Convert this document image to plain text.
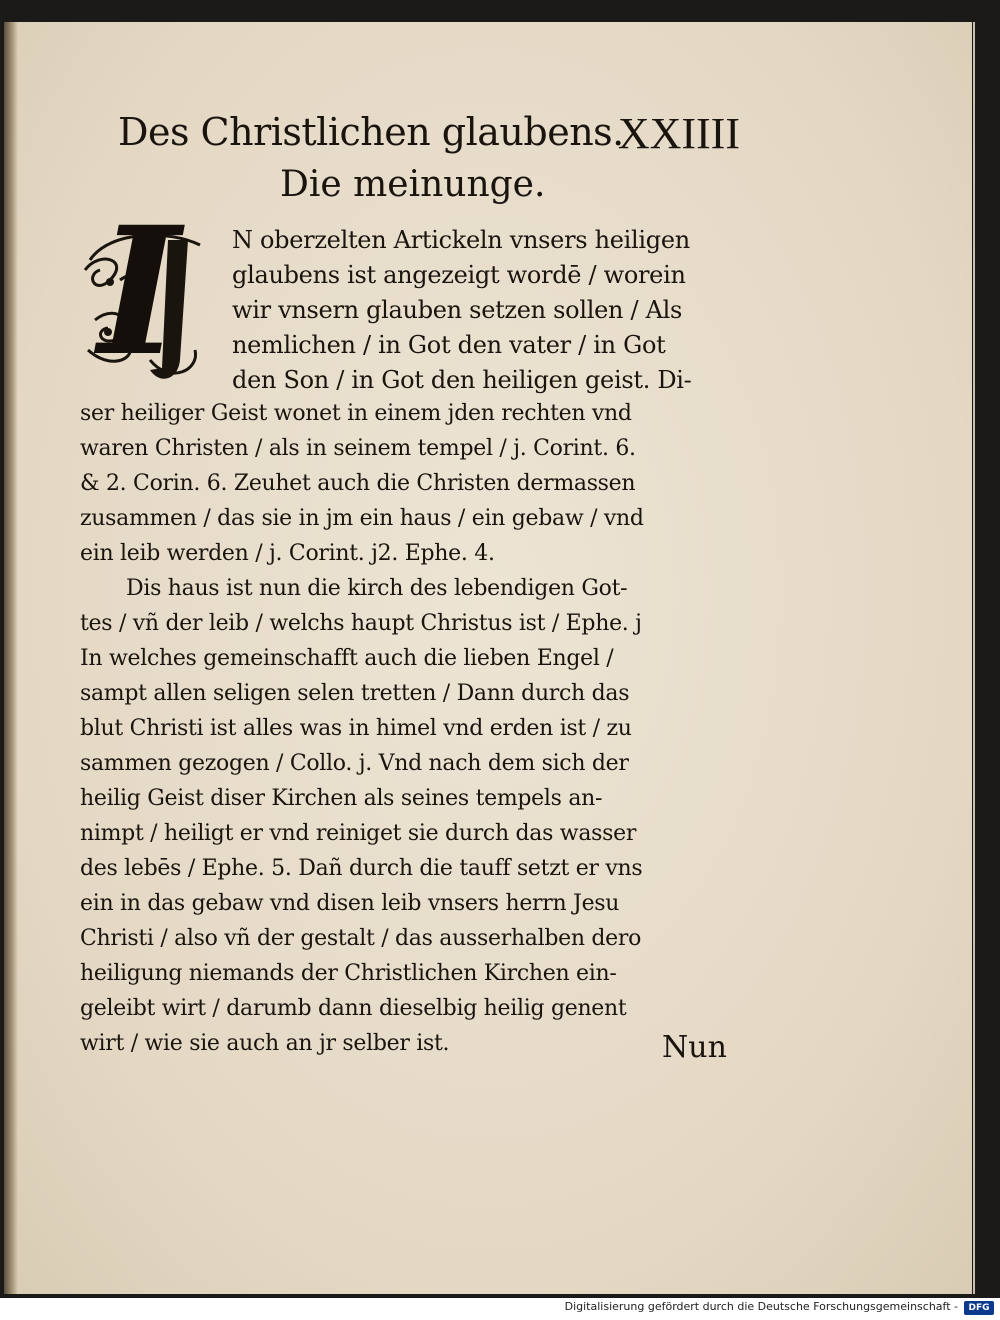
Des Christlichen glaubens.
XXIIII
Die meinunge.
I N oberzelten Artickeln vnsers heiligen
glaubens ist angezeigt wordē / worein
wir vnsern glauben setzen sollen / Als
nemlichen / in Got den vater / in Got
den Son / in Got den heiligen geist. Di-
ser heiliger Geist wonet in einem jden rechten vnd
waren Christen / als in seinem tempel / j. Corint. 6.
& 2. Corin. 6. Zeuhet auch die Christen dermassen
zusammen / das sie in jm ein haus / ein gebaw / vnd
ein leib werden / j. Corint. j2. Ephe. 4.
Dis haus ist nun die kirch des lebendigen Got-
tes / vñ der leib / welchs haupt Christus ist / Ephe. j
In welches gemeinschafft auch die lieben Engel /
sampt allen seligen selen tretten / Dann durch das
blut Christi ist alles was in himel vnd erden ist / zu
sammen gezogen / Collo. j. Vnd nach dem sich der
heilig Geist diser Kirchen als seines tempels an-
nimpt / heiligt er vnd reiniget sie durch das wasser
des lebēs / Ephe. 5. Dañ durch die tauff setzt er vns
ein in das gebaw vnd disen leib vnsers herrn Jesu
Christi / also vñ der gestalt / das ausserhalben dero
heiligung niemands der Christlichen Kirchen ein-
geleibt wirt / darumb dann dieselbig heilig genent
wirt / wie sie auch an jr selber ist.	Nun
Digitalisierung gefördert durch die Deutsche Forschungsgemeinschaft -	DFG
